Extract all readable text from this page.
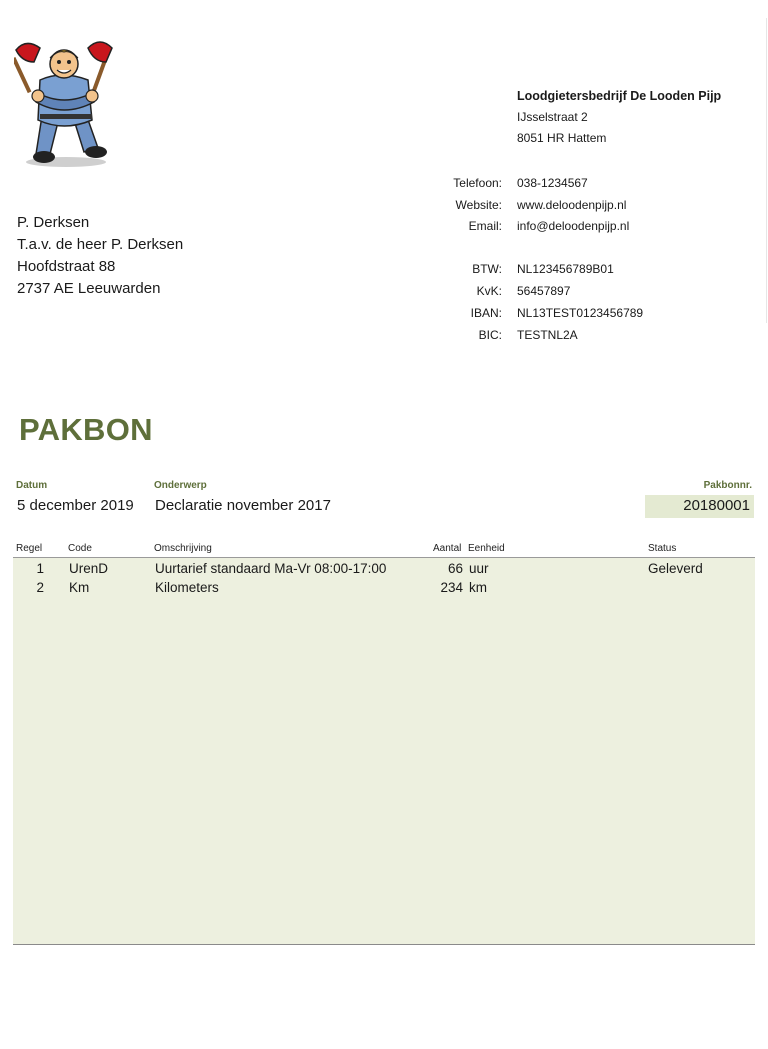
Loodgietersbedrijf De Looden Pijp
IJsselstraat 2
8051 HR Hattem
Telefoon: 038-1234567
Website: www.deloodenpijp.nl
Email: info@deloodenpijp.nl
BTW: NL123456789B01
KvK: 56457897
IBAN: NL13TEST0123456789
BIC: TESTNL2A
P. Derksen
T.a.v. de heer P. Derksen
Hoofdstraat 88
2737 AE Leeuwarden
PAKBON
Datum	Onderwerp	Pakbonnr.
5 december 2019 Declaratie november 2017	20180001
Regel	Code	Omschrijving	Aantal Eenheid	Status
1 UrenD	Uurtarief standaard Ma-Vr 08:00-17:00	66 uur	Geleverd
2 Km	Kilometers	234 km
